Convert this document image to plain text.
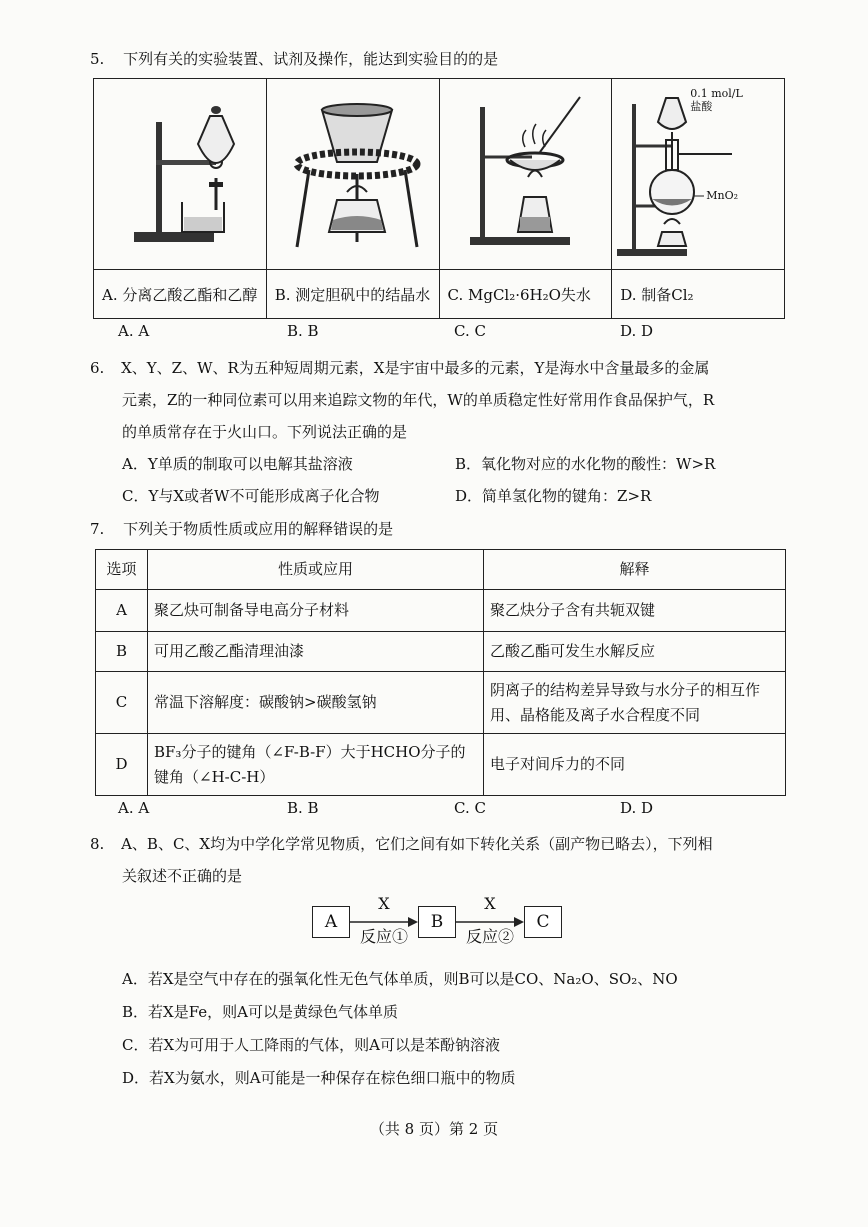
5. 下列有关的实验装置、试剂及操作，能达到实验目的的是

0.1 mol/L
盐酸
MnO₂

A. 分离乙酸乙酯和乙醇	B. 测定胆矾中的结晶水	C. MgCl₂·6H₂O失水	D. 制备Cl₂
A. A	B. B	C. C	D. D
6. X、Y、Z、W、R为五种短周期元素，X是宇宙中最多的元素，Y是海水中含量最多的金属
元素，Z的一种同位素可以用来追踪文物的年代，W的单质稳定性好常用作食品保护气，R
的单质常存在于火山口。下列说法正确的是
A．Y单质的制取可以电解其盐溶液	B．氧化物对应的水化物的酸性：W>R
C．Y与X或者W不可能形成离子化合物	D．简单氢化物的键角：Z>R
7. 下列关于物质性质或应用的解释错误的是
选项	性质或应用	解释
A	聚乙炔可制备导电高分子材料	聚乙炔分子含有共轭双键
B	可用乙酸乙酯清理油漆	乙酸乙酯可发生水解反应
C	常温下溶解度：碳酸钠>碳酸氢钠	阴离子的结构差异导致与水分子的相互作用、晶格能及离子水合程度不同
D	BF₃分子的键角（∠F-B-F）大于HCHO分子的键角（∠H-C-H）	电子对间斥力的不同
A. A	B. B	C. C	D. D
8. A、B、C、X均为中学化学常见物质，它们之间有如下转化关系（副产物已略去），下列相
关叙述不正确的是
A	B	C
X	X
反应①	反应②
A．若X是空气中存在的强氧化性无色气体单质，则B可以是CO、Na₂O、SO₂、NO
B．若X是Fe，则A可以是黄绿色气体单质
C．若X为可用于人工降雨的气体，则A可以是苯酚钠溶液
D．若X为氨水，则A可能是一种保存在棕色细口瓶中的物质
（共 8 页）第 2 页
